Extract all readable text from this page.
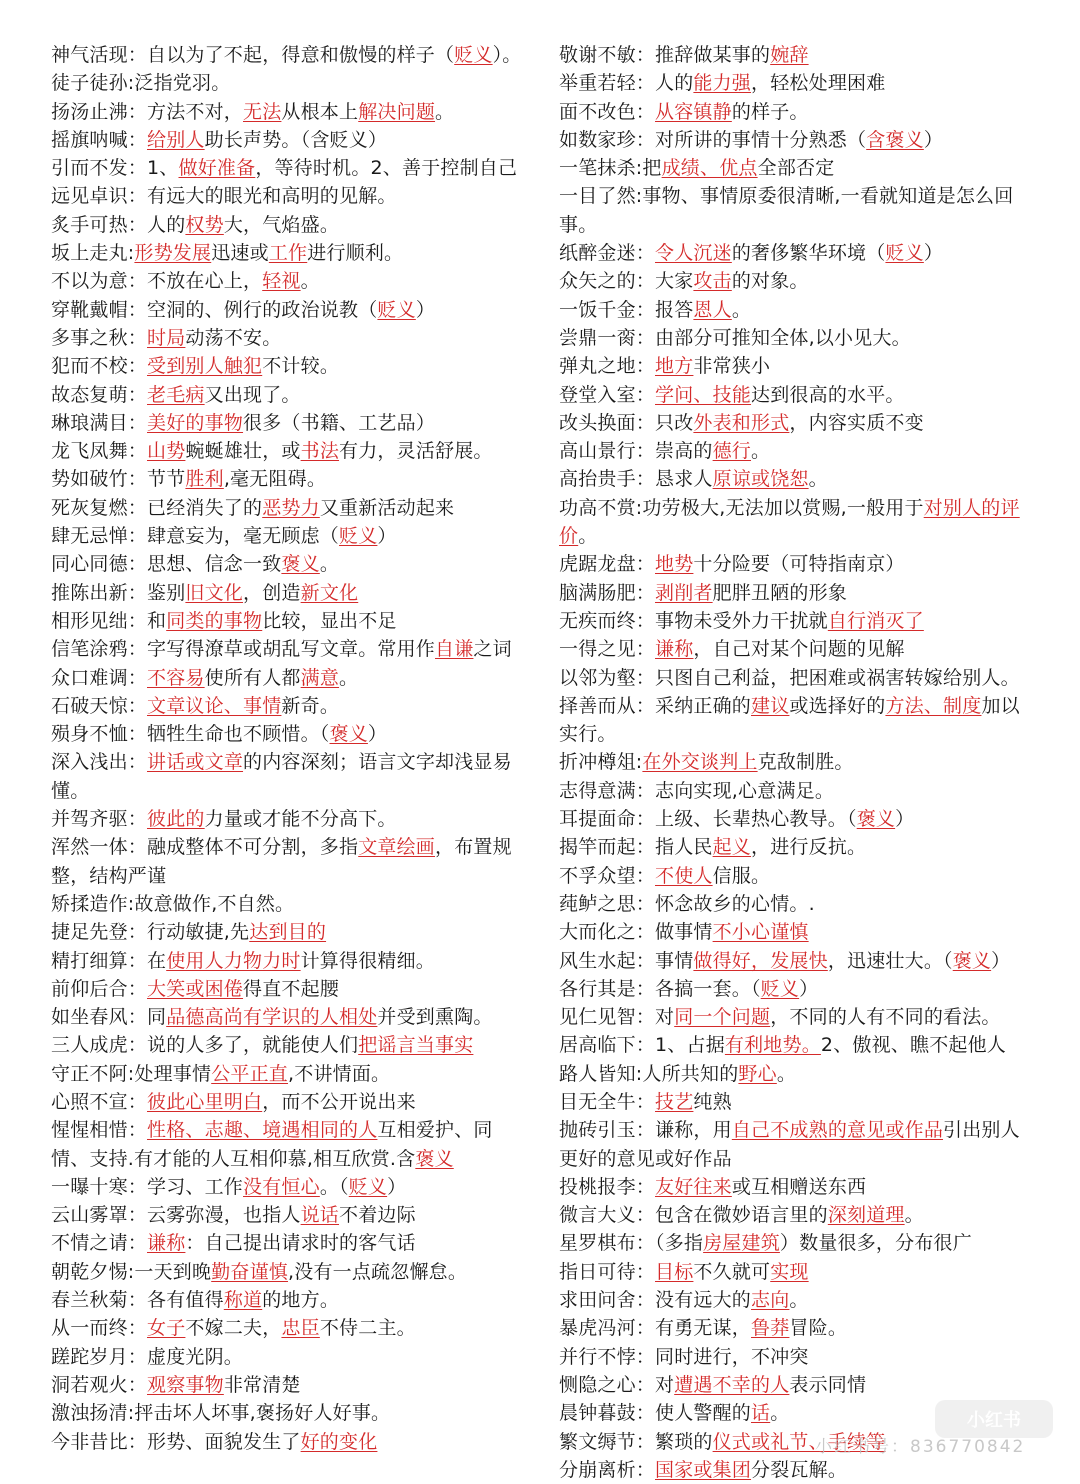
神气活现：自以为了不起，得意和傲慢的样子（贬义）。
徒子徒孙:泛指党羽。
扬汤止沸：方法不对，无法从根本上解决问题。
摇旗呐喊：给别人助长声势。（含贬义）
引而不发：1、做好准备，等待时机。2、善于控制自己
远见卓识：有远大的眼光和高明的见解。
炙手可热：人的权势大，气焰盛。
坂上走丸:形势发展迅速或工作进行顺利。
不以为意：不放在心上，轻视。
穿靴戴帽：空洞的、例行的政治说教（贬义）
多事之秋：时局动荡不安。
犯而不校：受到别人触犯不计较。
故态复萌：老毛病又出现了。
琳琅满目：美好的事物很多（书籍、工艺品）
龙飞凤舞：山势蜿蜒雄壮，或书法有力，灵活舒展。
势如破竹：节节胜利,毫无阻碍。
死灰复燃：已经消失了的恶势力又重新活动起来
肆无忌惮：肆意妄为，毫无顾虑（贬义）
同心同德：思想、信念一致褒义。
推陈出新：鉴别旧文化，创造新文化
相形见绌：和同类的事物比较，显出不足
信笔涂鸦：字写得潦草或胡乱写文章。常用作自谦之词
众口难调：不容易使所有人都满意。
石破天惊：文章议论、事情新奇。
殒身不恤：牺牲生命也不顾惜。（褒义）
深入浅出：讲话或文章的内容深刻；语言文字却浅显易懂。
并驾齐驱：彼此的力量或才能不分高下。
浑然一体：融成整体不可分割，多指文章绘画，布置规整，结构严谨
矫揉造作:故意做作,不自然。
捷足先登：行动敏捷,先达到目的
精打细算：在使用人力物力时计算得很精细。
前仰后合：大笑或困倦得直不起腰
如坐春风：同品德高尚有学识的人相处并受到熏陶。
三人成虎：说的人多了，就能使人们把谣言当事实
守正不阿:处理事情公平正直,不讲情面。
心照不宣：彼此心里明白，而不公开说出来
惺惺相惜：性格、志趣、境遇相同的人互相爱护、同情、支持.有才能的人互相仰慕,相互欣赏.含褒义
一曝十寒：学习、工作没有恒心。（贬义）
云山雾罩：云雾弥漫，也指人说话不着边际
不情之请：谦称：自己提出请求时的客气话
朝乾夕惕:一天到晚勤奋谨慎,没有一点疏忽懈怠。
春兰秋菊：各有值得称道的地方。
从一而终：女子不嫁二夫，忠臣不侍二主。
蹉跎岁月：虚度光阴。
洞若观火：观察事物非常清楚
激浊扬清:抨击坏人坏事,褒扬好人好事。
今非昔比：形势、面貌发生了好的变化
敬谢不敏：推辞做某事的婉辞
举重若轻：人的能力强，轻松处理困难
面不改色：从容镇静的样子。
如数家珍：对所讲的事情十分熟悉（含褒义）
一笔抹杀:把成绩、优点全部否定
一目了然:事物、事情原委很清晰,一看就知道是怎么回事。
纸醉金迷：令人沉迷的奢侈繁华环境（贬义）
众矢之的：大家攻击的对象。
一饭千金：报答恩人。
尝鼎一脔：由部分可推知全体,以小见大。
弹丸之地：地方非常狭小
登堂入室：学问、技能达到很高的水平。
改头换面：只改外表和形式，内容实质不变
高山景行：崇高的德行。
高抬贵手：恳求人原谅或饶恕。
功高不赏:功劳极大,无法加以赏赐,一般用于对别人的评价。
虎踞龙盘：地势十分险要（可特指南京）
脑满肠肥：剥削者肥胖丑陋的形象
无疾而终：事物未受外力干扰就自行消灭了
一得之见：谦称，自己对某个问题的见解
以邻为壑：只图自己利益，把困难或祸害转嫁给别人。
择善而从：采纳正确的建议或选择好的方法、制度加以实行。
折冲樽俎:在外交谈判上克敌制胜。
志得意满：志向实现,心意满足。
耳提面命：上级、长辈热心教导。（褒义）
揭竿而起：指人民起义，进行反抗。
不孚众望：不使人信服。
莼鲈之思：怀念故乡的心情。.
大而化之：做事情不小心谨慎
风生水起：事情做得好，发展快，迅速壮大。（褒义）
各行其是：各搞一套。（贬义）
见仁见智：对同一个问题，不同的人有不同的看法。
居高临下：1、占据有利地势。2、傲视、瞧不起他人
路人皆知:人所共知的野心。
目无全牛：技艺纯熟
抛砖引玉：谦称，用自己不成熟的意见或作品引出别人更好的意见或好作品
投桃报李：友好往来或互相赠送东西
微言大义：包含在微妙语言里的深刻道理。
星罗棋布：（多指房屋建筑）数量很多，分布很广
指日可待：目标不久就可实现
求田问舍：没有远大的志向。
暴虎冯河：有勇无谋，鲁莽冒险。
并行不悖：同时进行，不冲突
恻隐之心：对遭遇不幸的人表示同情
晨钟暮鼓：使人警醒的话。
繁文缛节：繁琐的仪式或礼节、手续等
分崩离析：国家或集团分裂瓦解。
小红书
小红书号：836770842
